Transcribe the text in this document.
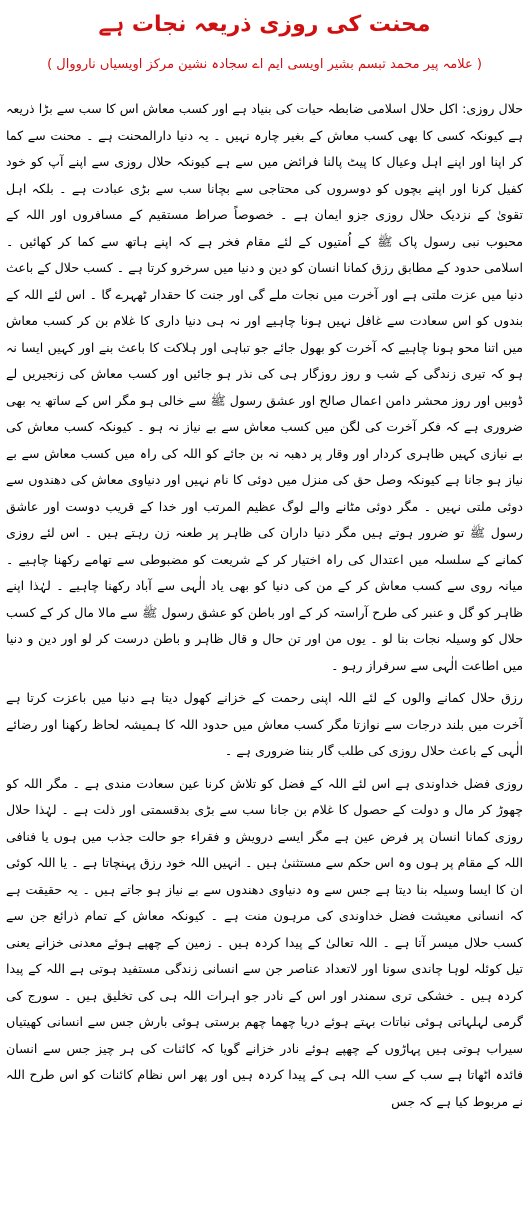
محنت کی روزی ذریعہ نجات ہے
( علامہ پیر محمد تبسم بشیر اویسی ایم اے سجادہ نشین مرکز اویسیاں نارووال )

حلال روزی: اکل حلال اسلامی ضابطہ حیات کی بنیاد ہے اور کسب معاش اس کا سب سے بڑا ذریعہ ہے کیونکہ کسی کا بھی کسب معاش کے بغیر چارہ نہیں ۔ یہ دنیا دارالمحنت ہے ۔ محنت سے کما کر اپنا اور اپنے اہل وعیال کا پیٹ پالنا فرائض میں سے ہے کیونکہ حلال روزی سے اپنے آپ کو خود کفیل کرنا اور اپنے بچوں کو دوسروں کی محتاجی سے بچانا سب سے بڑی عبادت ہے ۔ بلکہ اہل تقویٰ کے نزدیک حلال روزی جزو ایمان ہے ۔ خصوصاً صراط مستقیم کے مسافروں اور اللہ کے محبوب نبی رسول پاک ﷺ کے اُمتیوں کے لئے مقام فخر ہے کہ اپنے ہاتھ سے کما کر کھائیں ۔ اسلامی حدود کے مطابق رزق کمانا انسان کو دین و دنیا میں سرخرو کرتا ہے ۔ کسب حلال کے باعث دنیا میں عزت ملتی ہے اور آخرت میں نجات ملے گی اور جنت کا حقدار ٹھہرے گا ۔ اس لئے اللہ کے بندوں کو اس سعادت سے غافل نہیں ہونا چاہیے اور نہ ہی دنیا داری کا غلام بن کر کسب معاش میں اتنا محو ہونا چاہیے کہ آخرت کو بھول جائے جو تباہی اور ہلاکت کا باعث بنے اور کہیں ایسا نہ ہو کہ تیری زندگی کے شب و روز روزگار ہی کی نذر ہو جائیں اور کسب معاش کی زنجیریں لے ڈوبیں اور روز محشر دامن اعمال صالح اور عشق رسول ﷺ سے خالی ہو مگر اس کے ساتھ یہ بھی ضروری ہے کہ فکر آخرت کی لگن میں کسب معاش سے بے نیاز نہ ہو ۔ کیونکہ کسب معاش کی بے نیازی کہیں ظاہری کردار اور وقار پر دھبہ نہ بن جائے کو اللہ کی راہ میں کسب معاش سے بے نیاز ہو جانا ہے کیونکہ وصل حق کی منزل میں دوئی کا نام نہیں اور دنیاوی معاش کی دھندوں سے دوئی ملتی نہیں ۔ مگر دوئی مٹانے والے لوگ عظیم المرتب اور خدا کے قریب دوست اور عاشق رسول ﷺ تو ضرور ہوتے ہیں مگر دنیا داران کی ظاہر پر طعنہ زن رہتے ہیں ۔ اس لئے روزی کمانے کے سلسلہ میں اعتدال کی راہ اختیار کر کے شریعت کو مضبوطی سے تھامے رکھنا چاہیے ۔ میانہ روی سے کسب معاش کر کے من کی دنیا کو بھی یاد الٰہی سے آباد رکھنا چاہیے ۔ لہٰذا اپنے ظاہر کو گل و عنبر کی طرح آراستہ کر کے اور باطن کو عشق رسول ﷺ سے مالا مال کر کے کسب حلال کو وسیلہ نجات بنا لو ۔ یوں من اور تن حال و قال ظاہر و باطن درست کر لو اور دین و دنیا میں اطاعت الٰہی سے سرفراز رہو ۔

رزق حلال کمانے والوں کے لئے اللہ اپنی رحمت کے خزانے کھول دیتا ہے دنیا میں باعزت کرتا ہے آخرت میں بلند درجات سے نوازتا مگر کسب معاش میں حدود اللہ کا ہمیشہ لحاظ رکھنا اور رضائے الٰہی کے باعث حلال روزی کی طلب گار بننا ضروری ہے ۔

روزی فضل خداوندی ہے اس لئے اللہ کے فضل کو تلاش کرنا عین سعادت مندی ہے ۔ مگر اللہ کو چھوڑ کر مال و دولت کے حصول کا غلام بن جانا سب سے بڑی بدقسمتی اور ذلت ہے ۔ لہٰذا حلال روزی کمانا انسان پر فرض عین ہے مگر ایسے درویش و فقراء جو حالت جذب میں ہوں یا فنافی اللہ کے مقام پر ہوں وہ اس حکم سے مستثنیٰ ہیں ۔ انہیں اللہ خود رزق پہنچاتا ہے ۔ یا اللہ کوئی ان کا ایسا وسیلہ بنا دیتا ہے جس سے وہ دنیاوی دھندوں سے بے نیاز ہو جاتے ہیں ۔ یہ حقیقت ہے کہ انسانی معیشت فضل خداوندی کی مرہون منت ہے ۔ کیونکہ معاش کے تمام ذرائع جن سے کسب حلال میسر آتا ہے ۔ اللہ تعالیٰ کے پیدا کردہ ہیں ۔ زمین کے چھپے ہوئے معدنی خزانے یعنی تیل کوئلہ لوہا چاندی سونا اور لاتعداد عناصر جن سے انسانی زندگی مستفید ہوتی ہے اللہ کے پیدا کردہ ہیں ۔ خشکی تری سمندر اور اس کے نادر جو اہرات اللہ ہی کی تخلیق ہیں ۔ سورج کی گرمی لہلہاتی ہوئی نباتات بہتے ہوئے دریا چھما چھم برستی ہوئی بارش جس سے انسانی کھیتیاں سیراب ہوتی ہیں پہاڑوں کے چھپے ہوئے نادر خزانے گویا کہ کائنات کی ہر چیز جس سے انسان فائدہ اٹھاتا ہے سب کے سب اللہ ہی کے پیدا کردہ ہیں اور پھر اس نظام کائنات کو اس طرح اللہ نے مربوط کیا ہے کہ جس
